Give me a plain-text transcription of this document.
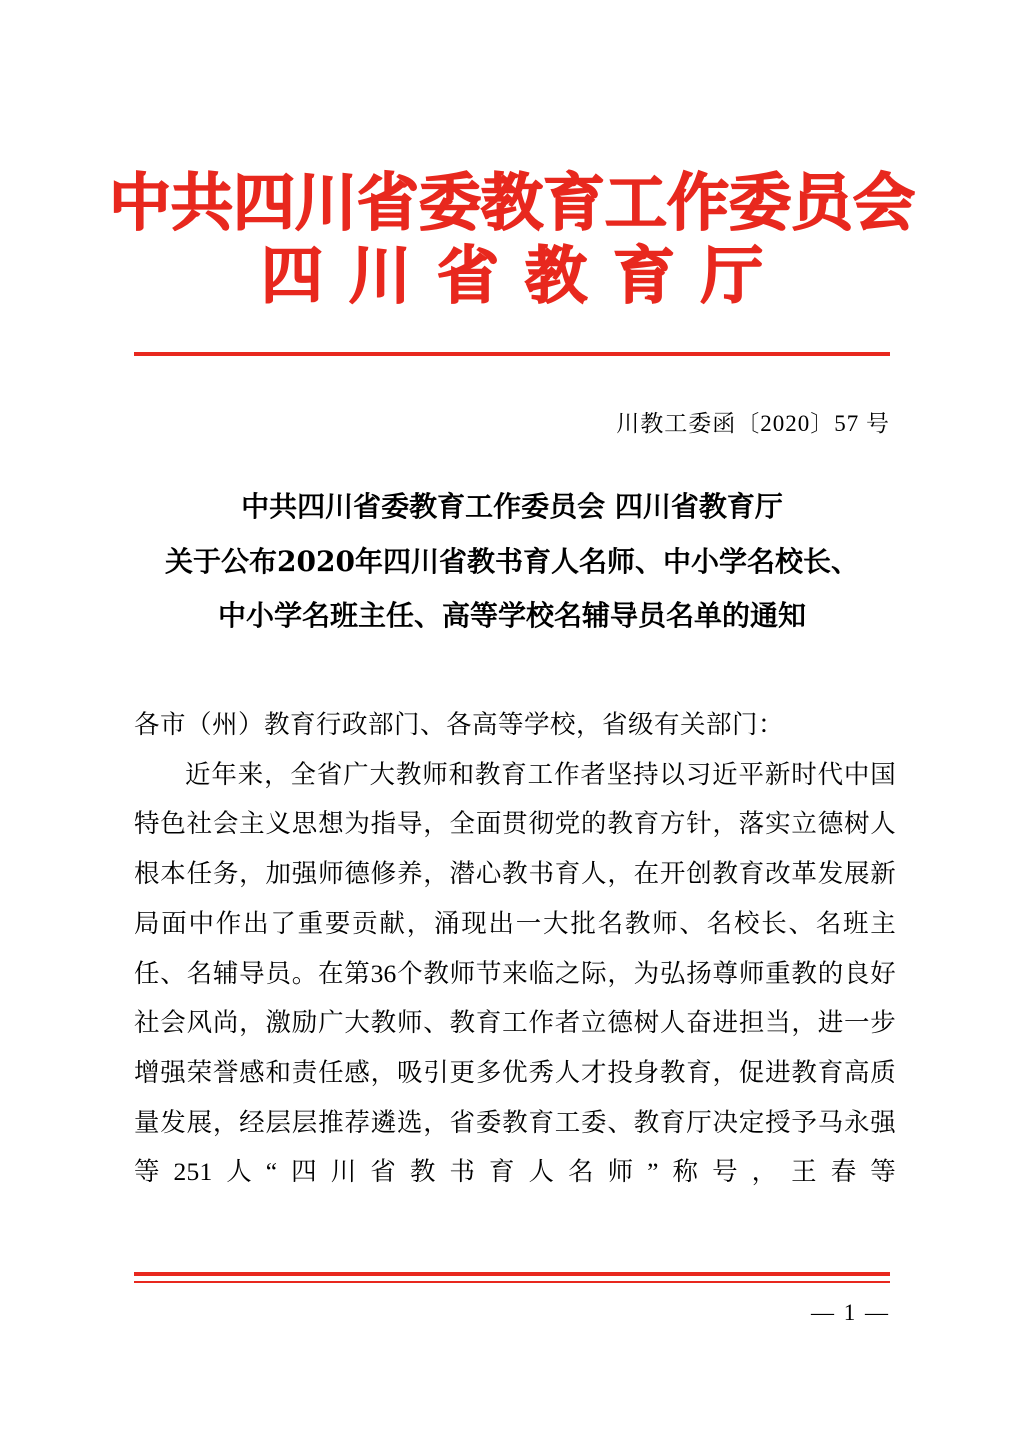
中共四川省委教育工作委员会
四川省教育厅
川教工委函〔2020〕57 号
中共四川省委教育工作委员会 四川省教育厅
关于公布2020年四川省教书育人名师、中小学名校长、
中小学名班主任、高等学校名辅导员名单的通知
各市（州）教育行政部门、各高等学校，省级有关部门：

近年来，全省广大教师和教育工作者坚持以习近平新时代中国特色社会主义思想为指导，全面贯彻党的教育方针，落实立德树人根本任务，加强师德修养，潜心教书育人，在开创教育改革发展新局面中作出了重要贡献，涌现出一大批名教师、名校长、名班主任、名辅导员。在第36个教师节来临之际，为弘扬尊师重教的良好社会风尚，激励广大教师、教育工作者立德树人奋进担当，进一步增强荣誉感和责任感，吸引更多优秀人才投身教育，促进教育高质量发展，经层层推荐遴选，省委教育工委、教育厅决定授予马永强等251人“四川省教书育人名师”称号，王春等

— 1 —
